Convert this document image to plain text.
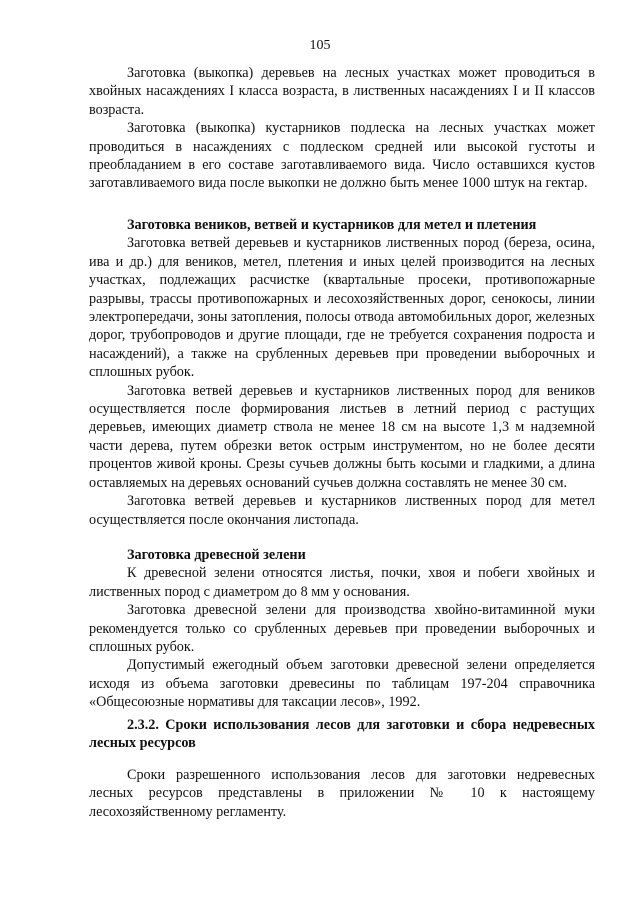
105

Заготовка (выкопка) деревьев на лесных участках может проводиться в хвойных насаждениях I класса возраста, в лиственных насаждениях I и II классов возраста.

Заготовка (выкопка) кустарников подлеска на лесных участках может проводиться в насаждениях с подлеском средней или высокой густоты и преобладанием в его составе заготавливаемого вида. Число оставшихся кустов заготавливаемого вида после выкопки не должно быть менее 1000 штук на гектар.

Заготовка веников, ветвей и кустарников для метел и плетения

Заготовка ветвей деревьев и кустарников лиственных пород (береза, осина, ива и др.) для веников, метел, плетения и иных целей производится на лесных участках, подлежащих расчистке (квартальные просеки, противопожарные разрывы, трассы противопожарных и лесохозяйственных дорог, сенокосы, линии электропередачи, зоны затопления, полосы отвода автомобильных дорог, железных дорог, трубопроводов и другие площади, где не требуется сохранения подроста и насаждений), а также на срубленных деревьев при проведении выборочных и сплошных рубок.

Заготовка ветвей деревьев и кустарников лиственных пород для веников осуществляется после формирования листьев в летний период с растущих деревьев, имеющих диаметр ствола не менее 18 см на высоте 1,3 м надземной части дерева, путем обрезки веток острым инструментом, но не более десяти процентов живой кроны. Срезы сучьев должны быть косыми и гладкими, а длина оставляемых на деревьях оснований сучьев должна составлять не менее 30 см.

Заготовка ветвей деревьев и кустарников лиственных пород для метел осуществляется после окончания листопада.

Заготовка древесной зелени

К древесной зелени относятся листья, почки, хвоя и побеги хвойных и лиственных пород с диаметром до 8 мм у основания.

Заготовка древесной зелени для производства хвойно-витаминной муки рекомендуется только со срубленных деревьев при проведении выборочных и сплошных рубок.

Допустимый ежегодный объем заготовки древесной зелени определяется исходя из объема заготовки древесины по таблицам 197-204 справочника «Общесоюзные нормативы для таксации лесов», 1992.

2.3.2. Сроки использования лесов для заготовки и сбора недревесных лесных ресурсов

Сроки разрешенного использования лесов для заготовки недревесных лесных ресурсов представлены в приложении № 10 к настоящему лесохозяйственному регламенту.
